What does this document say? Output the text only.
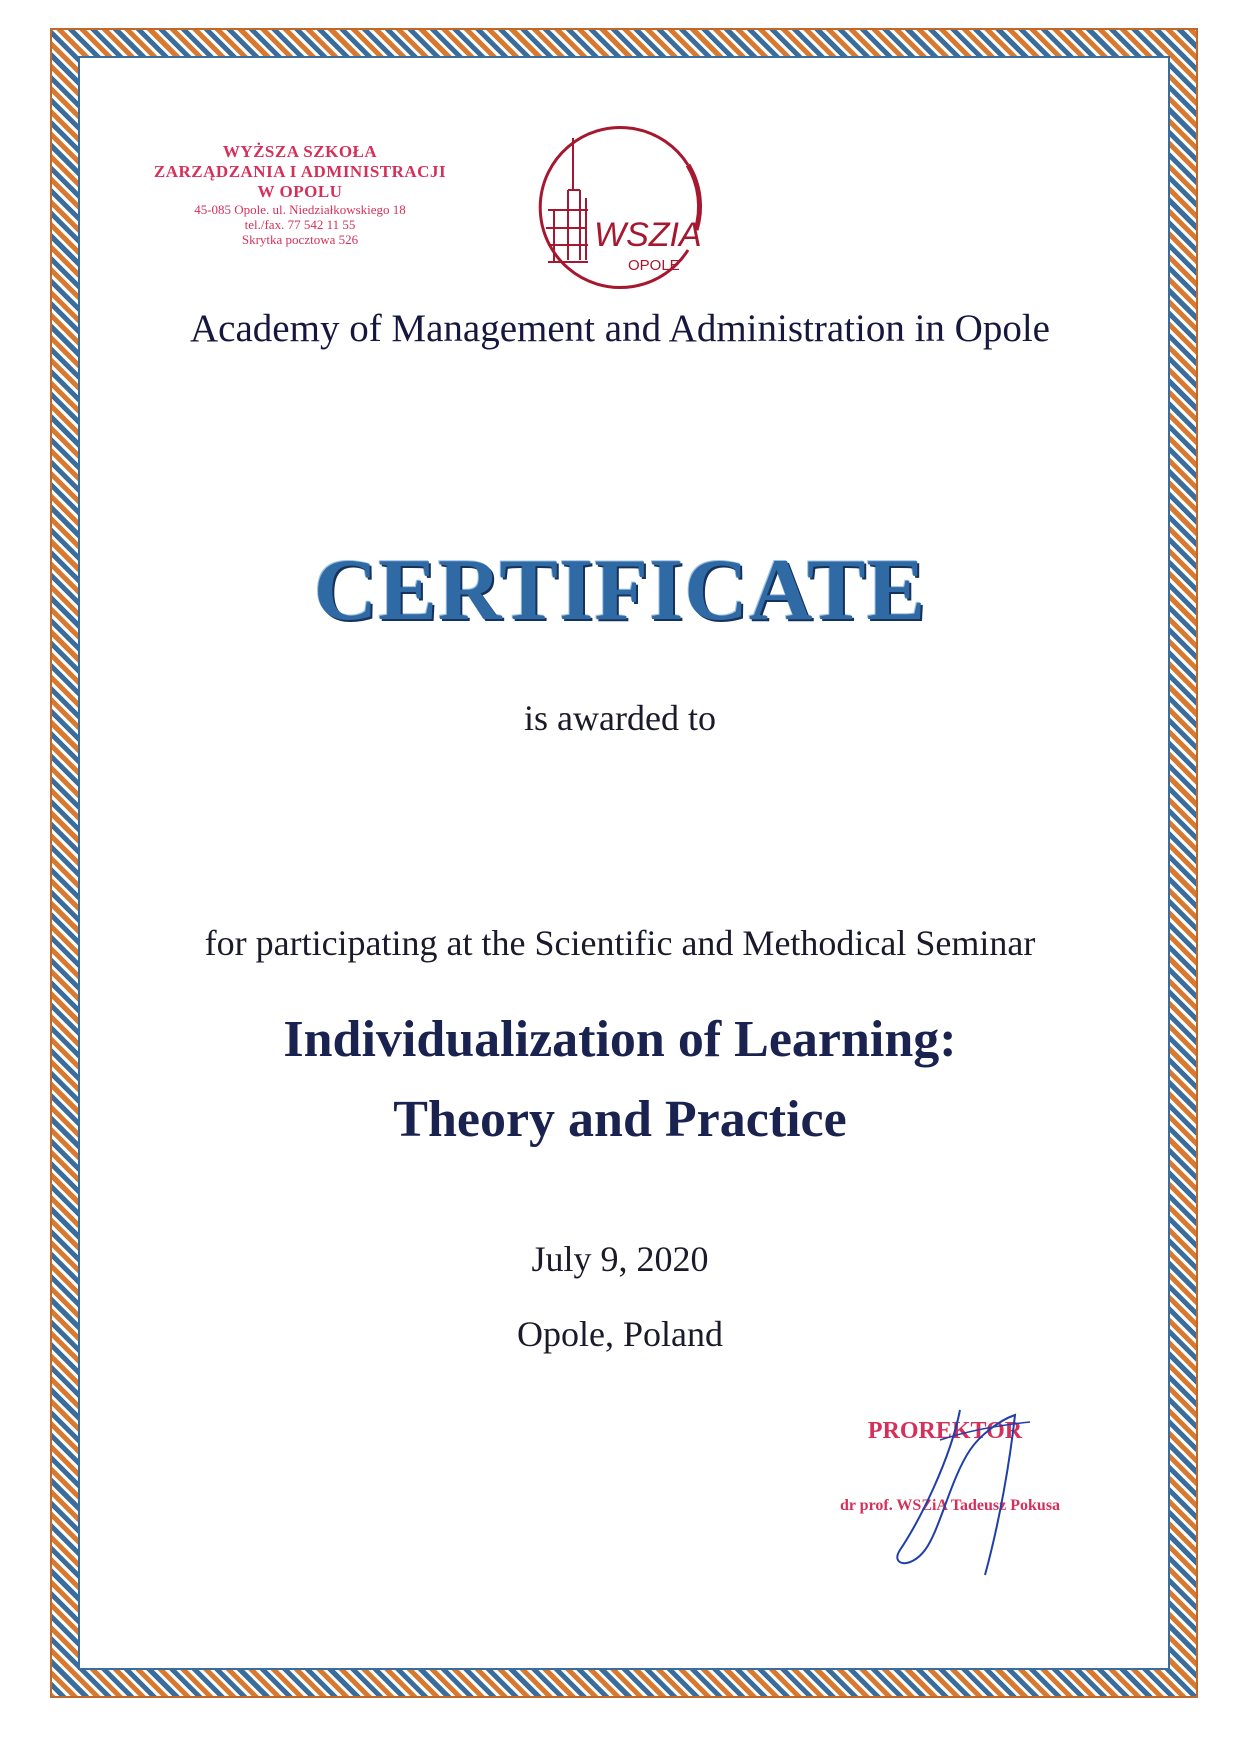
WYŻSZA SZKOŁA
ZARZĄDZANIA I ADMINISTRACJI
W OPOLU
45-085 Opole. ul. Niedziałkowskiego 18
tel./fax. 77 542 11 55
Skrytka pocztowa 526	WSZIA
OPOLE
Academy of Management and Administration in Opole
CERTIFICATE
is awarded to
for participating at the Scientific and Methodical Seminar
Individualization of Learning:
Theory and Practice
July 9, 2020
Opole, Poland
PROREKTOR
dr prof. WSZiA Tadeusz Pokusa
